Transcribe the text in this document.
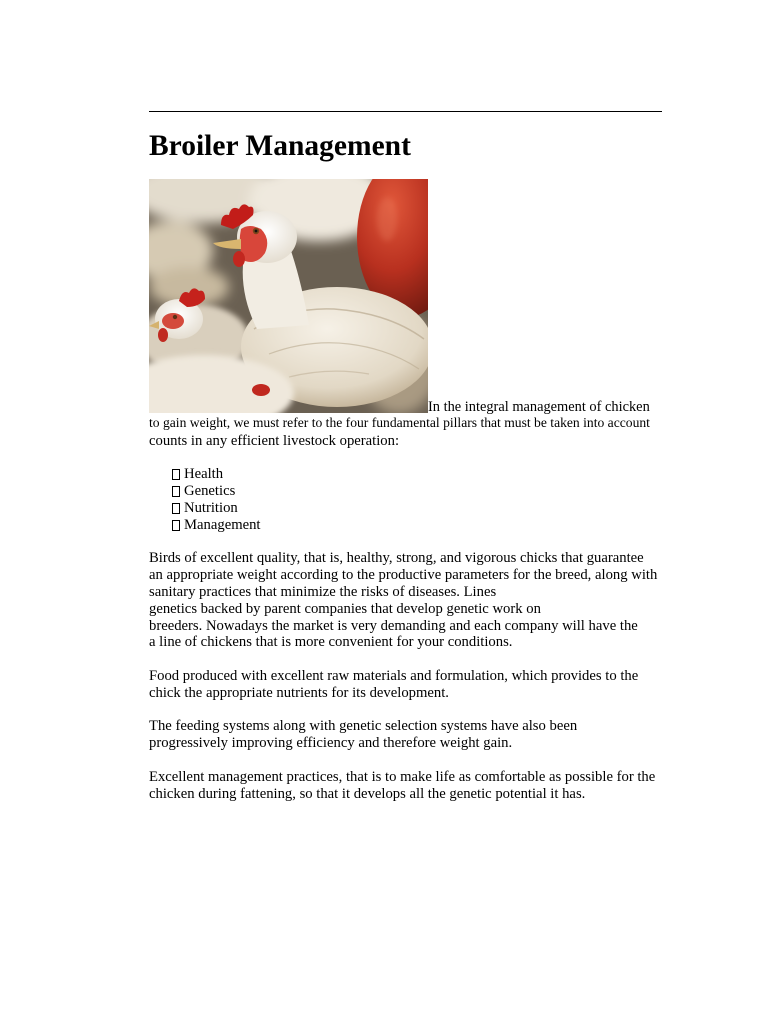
Broiler Management
In the integral management of chicken
to gain weight, we must refer to the four fundamental pillars that must be taken into account
counts in any efficient livestock operation:
Health
Genetics
Nutrition
Management
Birds of excellent quality, that is, healthy, strong, and vigorous chicks that guarantee
an appropriate weight according to the productive parameters for the breed, along with
sanitary practices that minimize the risks of diseases. Lines
genetics backed by parent companies that develop genetic work on
breeders. Nowadays the market is very demanding and each company will have the
a line of chickens that is more convenient for your conditions.
Food produced with excellent raw materials and formulation, which provides to the
chick the appropriate nutrients for its development.
The feeding systems along with genetic selection systems have also been
progressively improving efficiency and therefore weight gain.
Excellent management practices, that is to make life as comfortable as possible for the
chicken during fattening, so that it develops all the genetic potential it has.
